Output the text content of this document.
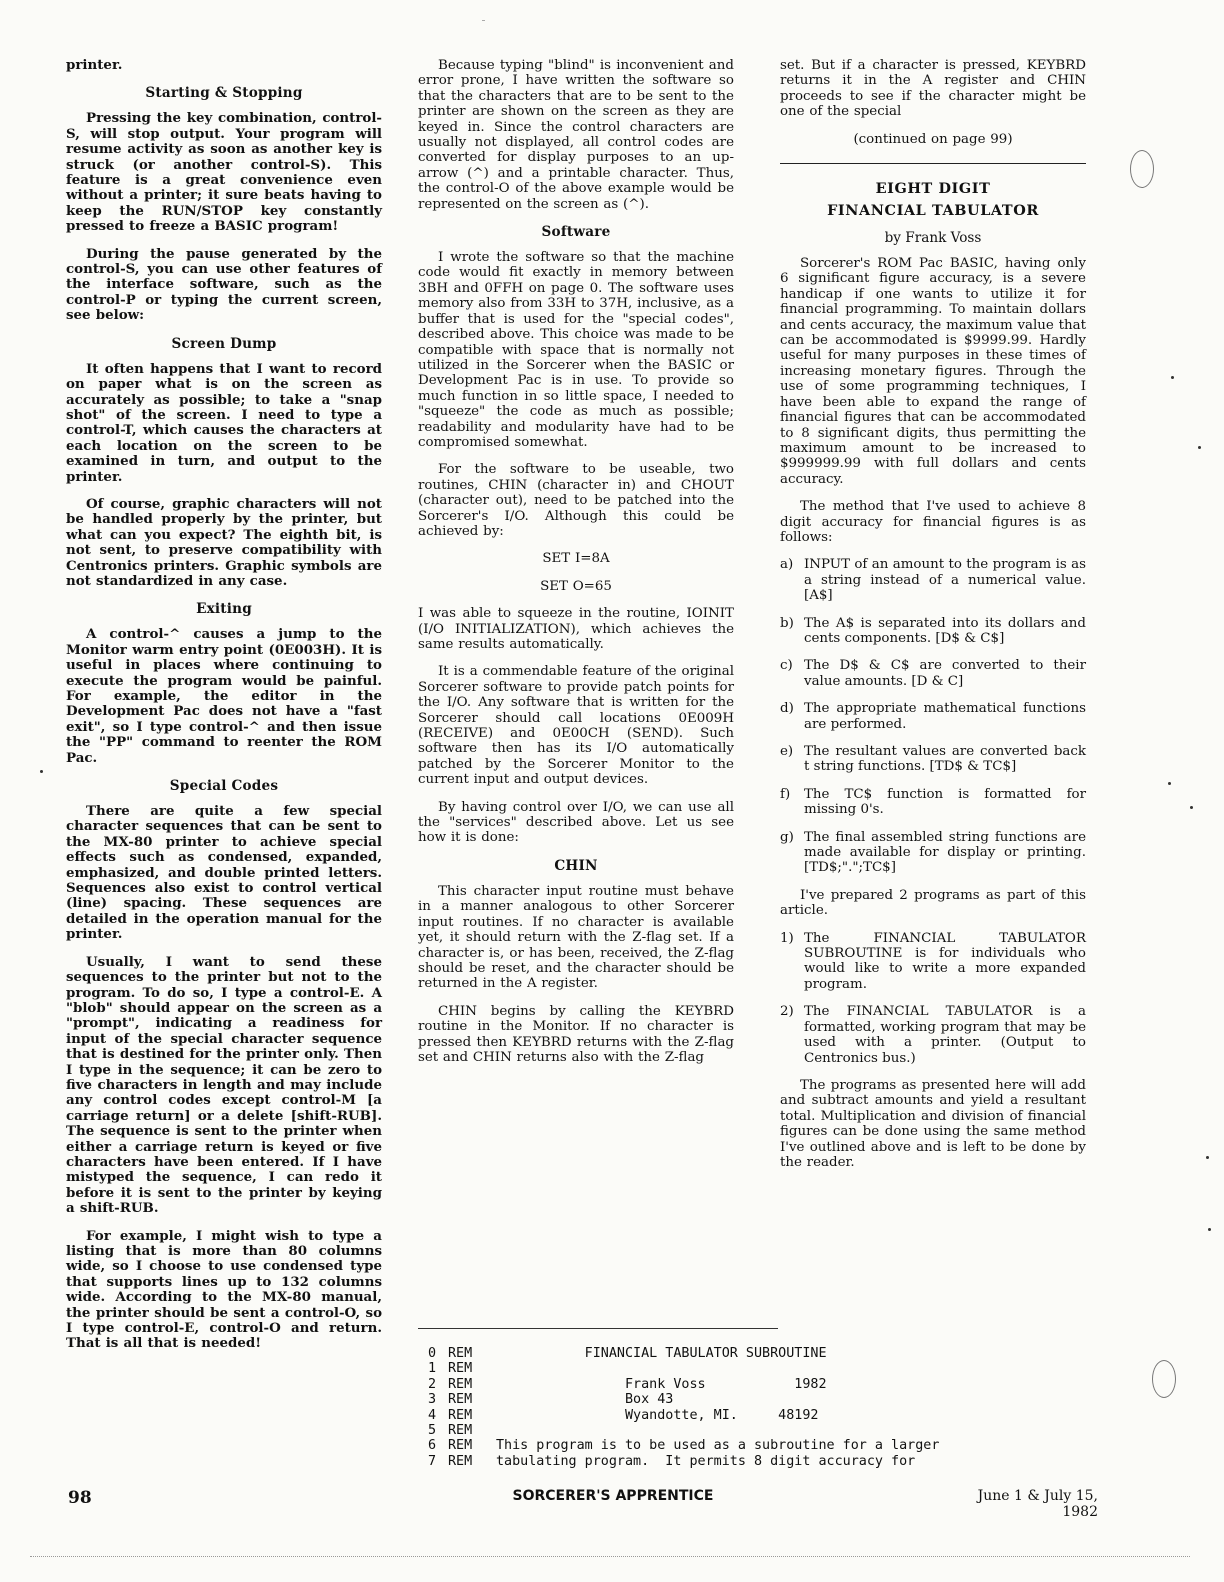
printer.

Starting & Stopping

Pressing the key combination, control-S, will stop output. Your program will resume activity as soon as another key is struck (or another control-S). This feature is a great convenience even without a printer; it sure beats having to keep the RUN/STOP key constantly pressed to freeze a BASIC program!

During the pause generated by the control-S, you can use other features of the interface software, such as the control-P or typing the current screen, see below:

Screen Dump

It often happens that I want to record on paper what is on the screen as accurately as possible; to take a "snap shot" of the screen. I need to type a control-T, which causes the characters at each location on the screen to be examined in turn, and output to the printer.

Of course, graphic characters will not be handled properly by the printer, but what can you expect? The eighth bit, is not sent, to preserve compatibility with Centronics printers. Graphic symbols are not standardized in any case.

Exiting

A control-^ causes a jump to the Monitor warm entry point (0E003H). It is useful in places where continuing to execute the program would be painful. For example, the editor in the Development Pac does not have a "fast exit", so I type control-^ and then issue the "PP" command to reenter the ROM Pac.

Special Codes

There are quite a few special character sequences that can be sent to the MX-80 printer to achieve special effects such as condensed, expanded, emphasized, and double printed letters. Sequences also exist to control vertical (line) spacing. These sequences are detailed in the operation manual for the printer.

Usually, I want to send these sequences to the printer but not to the program. To do so, I type a control-E. A "blob" should appear on the screen as a "prompt", indicating a readiness for input of the special character sequence that is destined for the printer only. Then I type in the sequence; it can be zero to five characters in length and may include any control codes except control-M [a carriage return] or a delete [shift-RUB]. The sequence is sent to the printer when either a carriage return is keyed or five characters have been entered. If I have mistyped the sequence, I can redo it before it is sent to the printer by keying a shift-RUB.

For example, I might wish to type a listing that is more than 80 columns wide, so I choose to use condensed type that supports lines up to 132 columns wide. According to the MX-80 manual, the printer should be sent a control-O, so I type control-E, control-O and return. That is all that is needed!

Because typing "blind" is inconvenient and error prone, I have written the software so that the characters that are to be sent to the printer are shown on the screen as they are keyed in. Since the control characters are usually not displayed, all control codes are converted for display purposes to an up-arrow (^) and a printable character. Thus, the control-O of the above example would be represented on the screen as (^).

Software

I wrote the software so that the machine code would fit exactly in memory between 3BH and 0FFH on page 0. The software uses memory also from 33H to 37H, inclusive, as a buffer that is used for the "special codes", described above. This choice was made to be compatible with space that is normally not utilized in the Sorcerer when the BASIC or Development Pac is in use. To provide so much function in so little space, I needed to "squeeze" the code as much as possible; readability and modularity have had to be compromised somewhat.

For the software to be useable, two routines, CHIN (character in) and CHOUT (character out), need to be patched into the Sorcerer's I/O. Although this could be achieved by:

SET I=8A

SET O=65

I was able to squeeze in the routine, IOINIT (I/O INITIALIZATION), which achieves the same results automatically.

It is a commendable feature of the original Sorcerer software to provide patch points for the I/O. Any software that is written for the Sorcerer should call locations 0E009H (RECEIVE) and 0E00CH (SEND). Such software then has its I/O automatically patched by the Sorcerer Monitor to the current input and output devices.

By having control over I/O, we can use all the "services" described above. Let us see how it is done:

CHIN

This character input routine must behave in a manner analogous to other Sorcerer input routines. If no character is available yet, it should return with the Z-flag set. If a character is, or has been, received, the Z-flag should be reset, and the character should be returned in the A register.

CHIN begins by calling the KEYBRD routine in the Monitor. If no character is pressed then KEYBRD returns with the Z-flag set and CHIN returns also with the Z-flag

set. But if a character is pressed, KEYBRD returns it in the A register and CHIN proceeds to see if the character might be one of the special

(continued on page 99)

EIGHT DIGIT
FINANCIAL TABULATOR
by Frank Voss

Sorcerer's ROM Pac BASIC, having only 6 significant figure accuracy, is a severe handicap if one wants to utilize it for financial programming. To maintain dollars and cents accuracy, the maximum value that can be accommodated is $9999.99. Hardly useful for many purposes in these times of increasing monetary figures. Through the use of some programming techniques, I have been able to expand the range of financial figures that can be accommodated to 8 significant digits, thus permitting the maximum amount to be increased to $999999.99 with full dollars and cents accuracy.

The method that I've used to achieve 8 digit accuracy for financial figures is as follows:

a) INPUT of an amount to the program is as a string instead of a numerical value. [A$]
b) The A$ is separated into its dollars and cents components. [D$ & C$]
c) The D$ & C$ are converted to their value amounts. [D & C]
d) The appropriate mathematical functions are performed.
e) The resultant values are converted back t string functions. [TD$ & TC$]
f) The TC$ function is formatted for missing 0's.
g) The final assembled string functions are made available for display or printing. [TD$;".";TC$]

I've prepared 2 programs as part of this article.

1) The FINANCIAL TABULATOR SUBROUTINE is for individuals who would like to write a more expanded program.
2) The FINANCIAL TABULATOR is a formatted, working program that may be used with a printer. (Output to Centronics bus.)

The programs as presented here will add and subtract amounts and yield a resultant total. Multiplication and division of financial figures can be done using the same method I've outlined above and is left to be done by the reader.

0 REM	FINANCIAL TABULATOR SUBROUTINE
1 REM
2 REM	Frank Voss           1982
3 REM	Box 43
4 REM	Wyandotte, MI.     48192
5 REM
6 REM	This program is to be used as a subroutine for a larger
7 REM	tabulating program.  It permits 8 digit accuracy for
98	SORCERER'S APPRENTICE	June 1 & July 15, 1982
